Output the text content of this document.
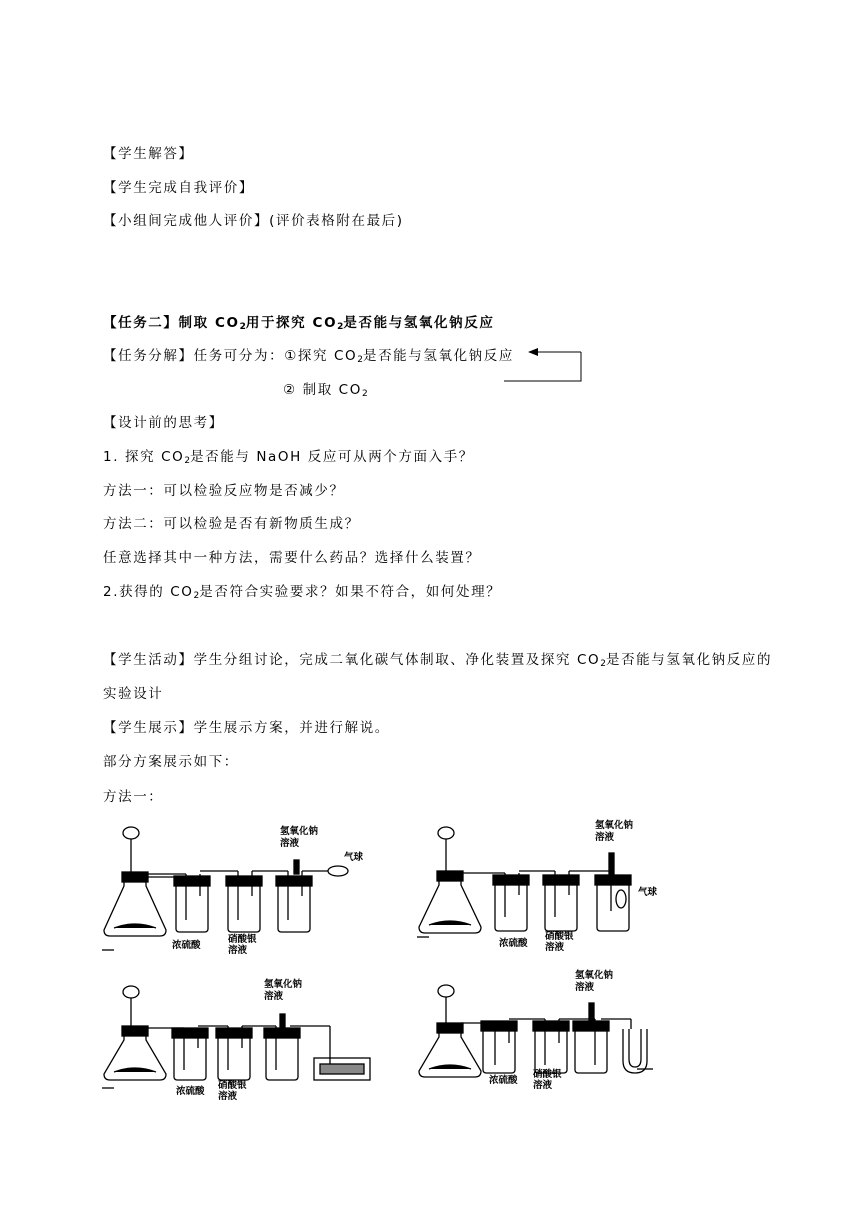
【学生解答】
【学生完成自我评价】
【小组间完成他人评价】(评价表格附在最后)
【任务二】制取 $CO_2$用于探究 $CO_2$是否能与氢氧化钠反应
【任务分解】任务可分为：①探究 $CO_2$是否能与氢氧化钠反应
② 制取 $CO_2$
【设计前的思考】
1. 探究 $CO_2$是否能与 NaOH 反应可从两个方面入手？
方法一：可以检验反应物是否减少？
方法二：可以检验是否有新物质生成？
任意选择其中一种方法，需要什么药品？选择什么装置？
2.获得的 $CO_2$是否符合实验要求？如果不符合，如何处理？
【学生活动】学生分组讨论，完成二氧化碳气体制取、净化装置及探究 $CO_2$是否能与氢氧化钠反应的
实验设计
【学生展示】学生展示方案，并进行解说。
部分方案展示如下：
方法一：
氢氧化钠
溶液
气球
浓硫酸
硝酸银
溶液
氢氧化钠
溶液
气球
浓硫酸
硝酸银
溶液
氢氧化钠
溶液
浓硫酸
硝酸银
溶液
氢氧化钠
溶液
浓硫酸
硝酸银
溶液
